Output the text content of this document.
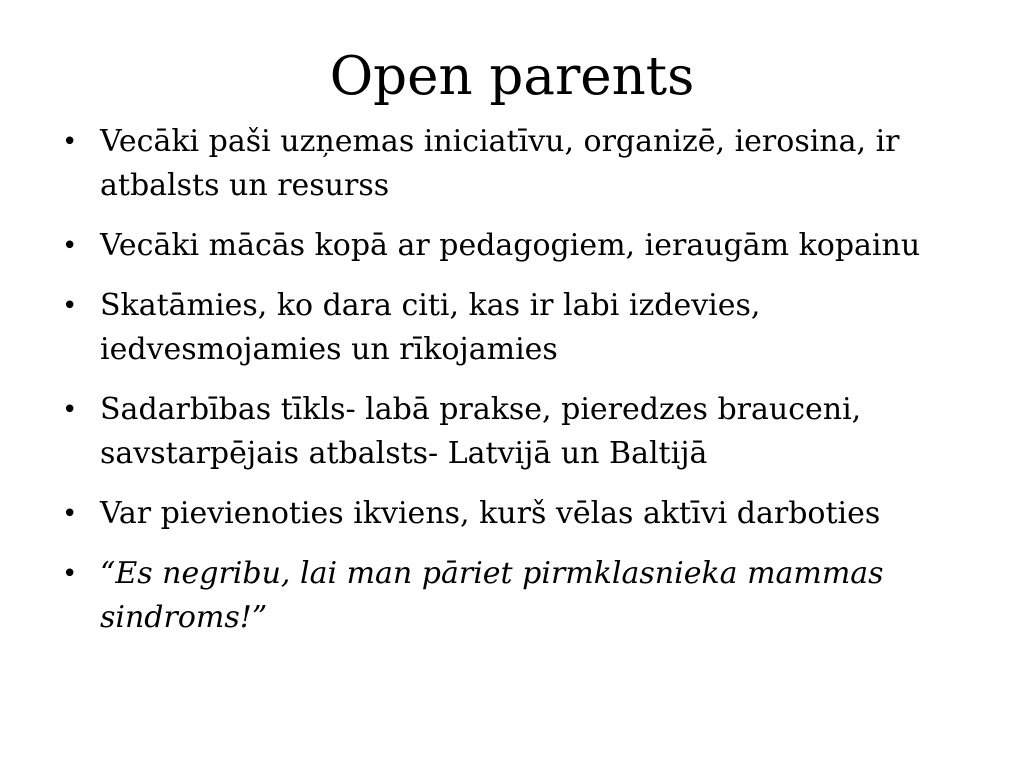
Open parents
• Vecāki paši uzņemas iniciatīvu, organizē, ierosina, ir atbalsts un resurss
• Vecāki mācās kopā ar pedagogiem, ieraugām kopainu
• Skatāmies, ko dara citi, kas ir labi izdevies, iedvesmojamies un rīkojamies
• Sadarbības tīkls- labā prakse, pieredzes brauceni, savstarpējais atbalsts- Latvijā un Baltijā
• Var pievienoties ikviens, kurš vēlas aktīvi darboties
• “Es negribu, lai man pāriet pirmklasnieka mammas sindroms!”
